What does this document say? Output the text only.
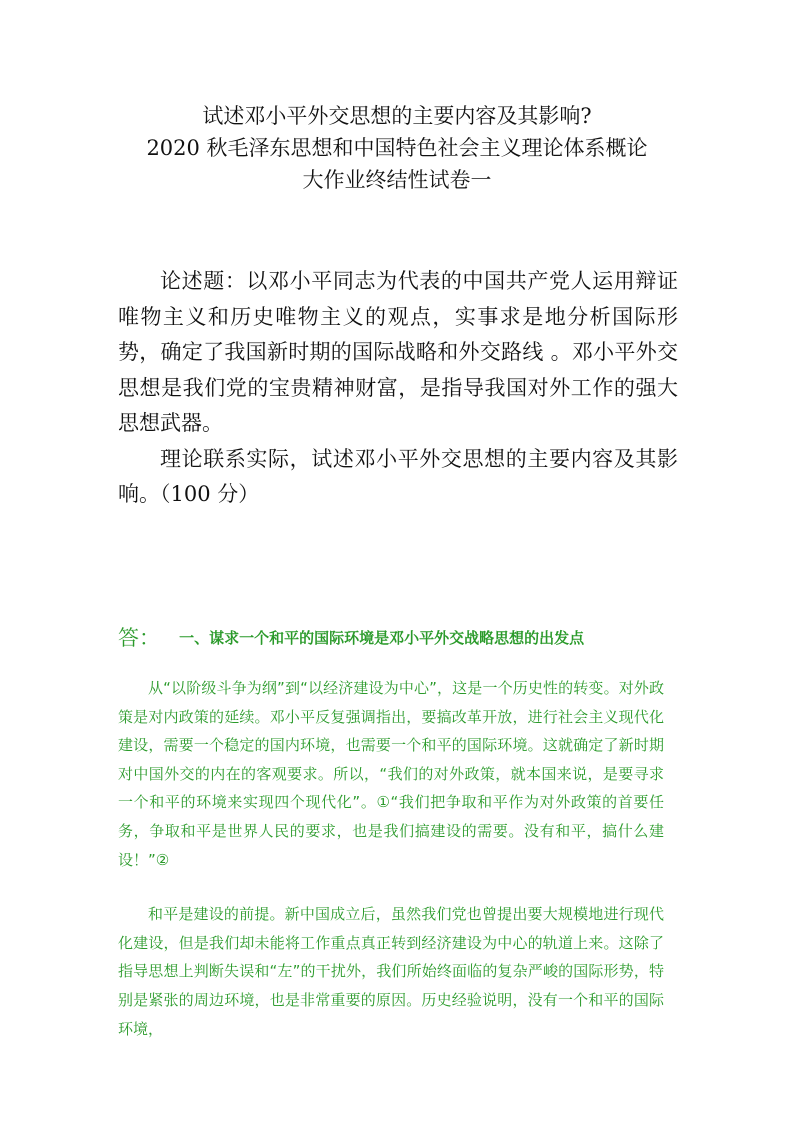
试述邓小平外交思想的主要内容及其影响?
2020 秋毛泽东思想和中国特色社会主义理论体系概论
大作业终结性试卷一

论述题：以邓小平同志为代表的中国共产党人运用辩证唯物主义和历史唯物主义的观点，实事求是地分析国际形势，确定了我国新时期的国际战略和外交路线 。邓小平外交思想是我们党的宝贵精神财富，是指导我国对外工作的强大思想武器。

理论联系实际，试述邓小平外交思想的主要内容及其影响。（100 分）

答： 一、谋求一个和平的国际环境是邓小平外交战略思想的出发点

从“以阶级斗争为纲”到“以经济建设为中心”，这是一个历史性的转变。对外政策是对内政策的延续。邓小平反复强调指出，要搞改革开放，进行社会主义现代化建设，需要一个稳定的国内环境，也需要一个和平的国际环境。这就确定了新时期对中国外交的内在的客观要求。所以，“我们的对外政策，就本国来说，是要寻求一个和平的环境来实现四个现代化”。①“我们把争取和平作为对外政策的首要任务，争取和平是世界人民的要求，也是我们搞建设的需要。没有和平，搞什么建设！”②

和平是建设的前提。新中国成立后，虽然我们党也曾提出要大规模地进行现代化建设，但是我们却未能将工作重点真正转到经济建设为中心的轨道上来。这除了指导思想上判断失误和“左”的干扰外，我们所始终面临的复杂严峻的国际形势，特别是紧张的周边环境，也是非常重要的原因。历史经验说明，没有一个和平的国际环境，
